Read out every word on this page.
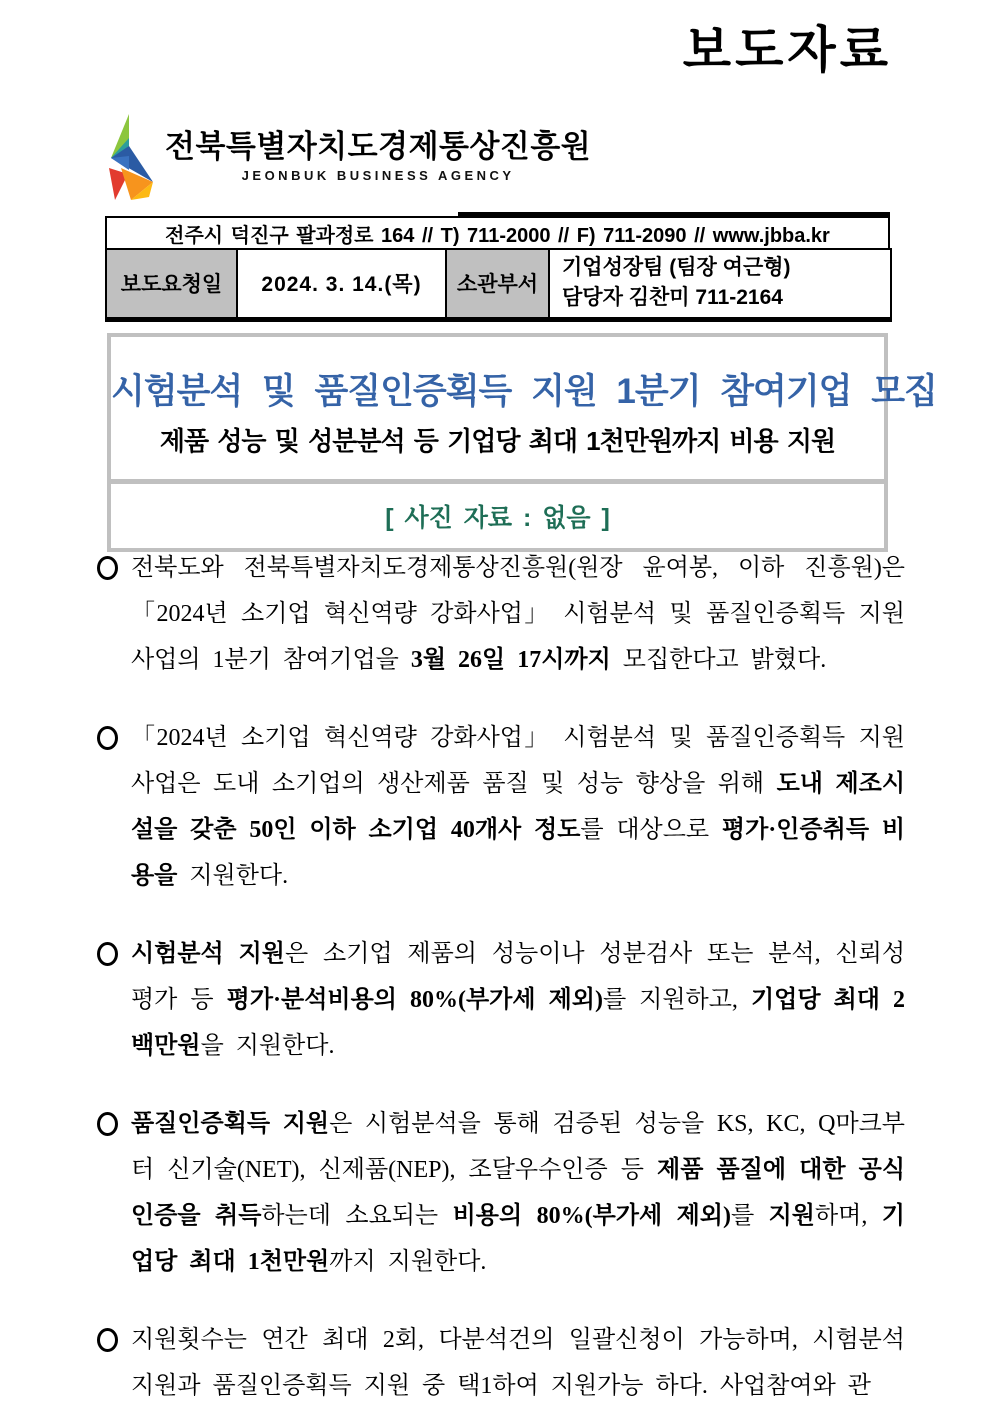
보도자료
전북특별자치도경제통상진흥원
JEONBUK BUSINESS AGENCY
전주시 덕진구 팔과정로 164 // T) 711-2000 // F) 711-2090 // www.jbba.kr
보도요청일	2024. 3. 14.(목)	소관부서	
기업성장팀 (팀장 여근형)
담당자 김찬미 711-2164
시험분석 및 품질인증획득 지원 1분기 참여기업 모집
제품 성능 및 성분분석 등 기업당 최대 1천만원까지 비용 지원
[ 사진 자료 : 없음 ]
전북도와 전북특별자치도경제통상진흥원(원장 윤여봉, 이하 진흥원)은 「2024년 소기업 혁신역량 강화사업」 시험분석 및 품질인증획득 지원 사업의 1분기 참여기업을 3월 26일 17시까지 모집한다고 밝혔다.
「2024년 소기업 혁신역량 강화사업」 시험분석 및 품질인증획득 지원사업은 도내 소기업의 생산제품 품질 및 성능 향상을 위해 도내 제조시설을 갖춘 50인 이하 소기업 40개사 정도를 대상으로 평가·인증취득 비용을 지원한다.
시험분석 지원은 소기업 제품의 성능이나 성분검사 또는 분석, 신뢰성 평가 등 평가·분석비용의 80%(부가세 제외)를 지원하고, 기업당 최대 2백만원을 지원한다.
품질인증획득 지원은 시험분석을 통해 검증된 성능을 KS, KC, Q마크부터 신기술(NET), 신제품(NEP), 조달우수인증 등 제품 품질에 대한 공식 인증을 취득하는데 소요되는 비용의 80%(부가세 제외)를 지원하며, 기업당 최대 1천만원까지 지원한다.
지원횟수는 연간 최대 2회, 다분석건의 일괄신청이 가능하며, 시험분석 지원과 품질인증획득 지원 중 택1하여 지원가능 하다. 사업참여와 관
